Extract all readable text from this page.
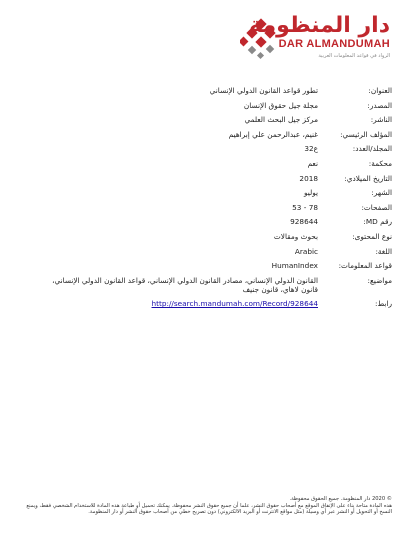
دار المنظومة
DAR ALMANDUMAH
الرواد في قواعد المعلومات العربية
العنوان:
تطور قواعد القانون الدولي الإنساني
المصدر:
مجلة جيل حقوق الإنسان
الناشر:
مركز جيل البحث العلمي
المؤلف الرئيسي:
غنيم، عبدالرحمن علي إبراهيم
المجلد/العدد:
ع32
محكمة:
نعم
التاريخ الميلادي:
2018
الشهر:
يوليو
الصفحات:
53 - 78
رقم MD:
928644
نوع المحتوى:
بحوث ومقالات
اللغة:
Arabic
قواعد المعلومات:
HumanIndex
مواضيع:
القانون الدولي الإنساني، مصادر القانون الدولي الإنساني، قواعد القانون الدولي الإنساني، قانون لاهاي، قانون جنيف
رابط:
http://search.mandumah.com/Record/928644
© 2020 دار المنظومة. جميع الحقوق محفوظة.
هذه المادة متاحة بناء على الإتفاق الموقع مع أصحاب حقوق النشر، علما أن جميع حقوق النشر محفوظة. يمكنك تحميل أو طباعة هذه المادة للاستخدام الشخصي فقط، ويمنع النسخ أو التحويل أو النشر عبر أي وسيلة (مثل مواقع الانترنت أو البريد الالكتروني) دون تصريح خطي من أصحاب حقوق النشر أو دار المنظومة.
